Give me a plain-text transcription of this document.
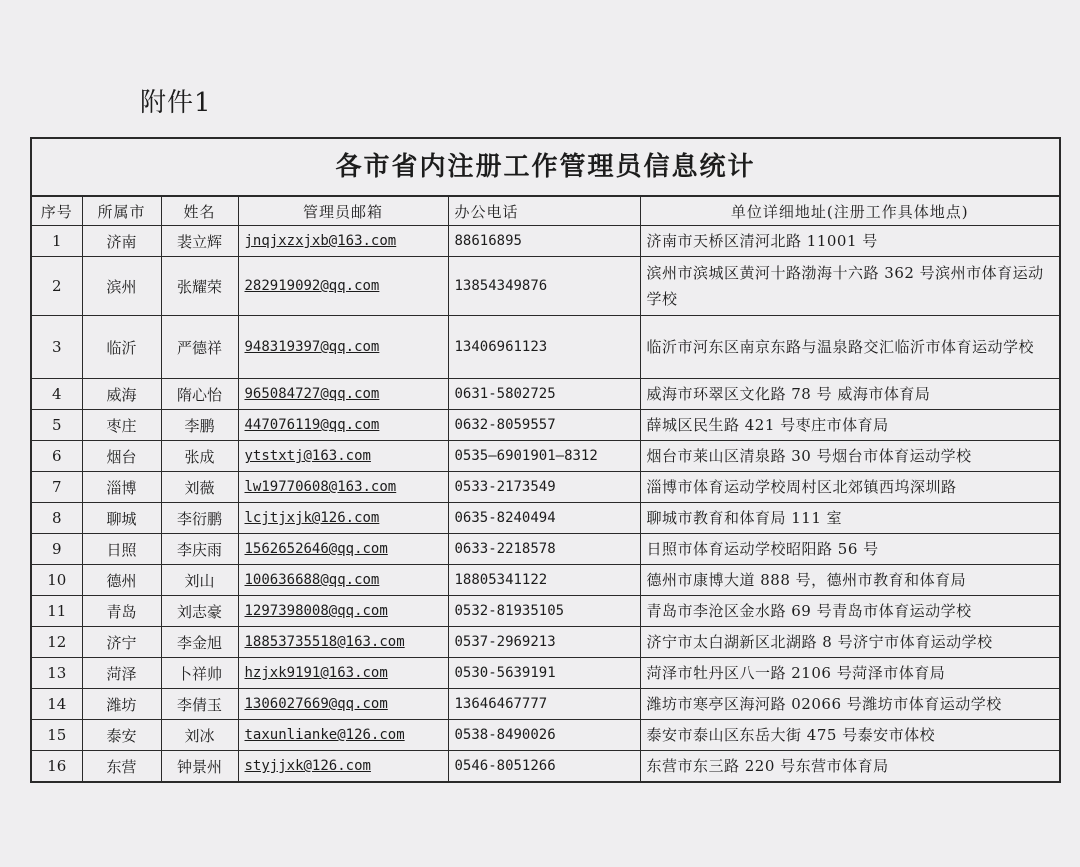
附件1
各市省内注册工作管理员信息统计
序号	所属市	姓名	管理员邮箱	办公电话	单位详细地址(注册工作具体地点)
1	济南	裴立辉	jnqjxzxjxb@163.com	88616895	济南市天桥区清河北路 11001 号
2	滨州	张耀荣	282919092@qq.com	13854349876	滨州市滨城区黄河十路渤海十六路 362 号滨州市体育运动学校
3	临沂	严德祥	948319397@qq.com	13406961123	临沂市河东区南京东路与温泉路交汇临沂市体育运动学校
4	威海	隋心怡	965084727@qq.com	0631-5802725	威海市环翠区文化路 78 号 威海市体育局
5	枣庄	李鹏	447076119@qq.com	0632-8059557	薛城区民生路 421 号枣庄市体育局
6	烟台	张成	ytstxtj@163.com	0535—6901901—8312	烟台市莱山区清泉路 30 号烟台市体育运动学校
7	淄博	刘薇	lw19770608@163.com	0533-2173549	淄博市体育运动学校周村区北郊镇西坞深圳路
8	聊城	李衍鹏	lcjtjxjk@126.com	0635-8240494	聊城市教育和体育局 111 室
9	日照	李庆雨	1562652646@qq.com	0633-2218578	日照市体育运动学校昭阳路 56 号
10	德州	刘山	100636688@qq.com	18805341122	德州市康博大道 888 号，德州市教育和体育局
11	青岛	刘志豪	1297398008@qq.com	0532-81935105	青岛市李沧区金水路 69 号青岛市体育运动学校
12	济宁	李金旭	18853735518@163.com	0537-2969213	济宁市太白湖新区北湖路 8 号济宁市体育运动学校
13	菏泽	卜祥帅	hzjxk9191@163.com	0530-5639191	菏泽市牡丹区八一路 2106 号菏泽市体育局
14	潍坊	李倩玉	1306027669@qq.com	13646467777	潍坊市寒亭区海河路 02066 号潍坊市体育运动学校
15	泰安	刘冰	taxunlianke@126.com	0538-8490026	泰安市泰山区东岳大街 475 号泰安市体校
16	东营	钟景州	styjjxk@126.com	0546-8051266	东营市东三路 220 号东营市体育局
